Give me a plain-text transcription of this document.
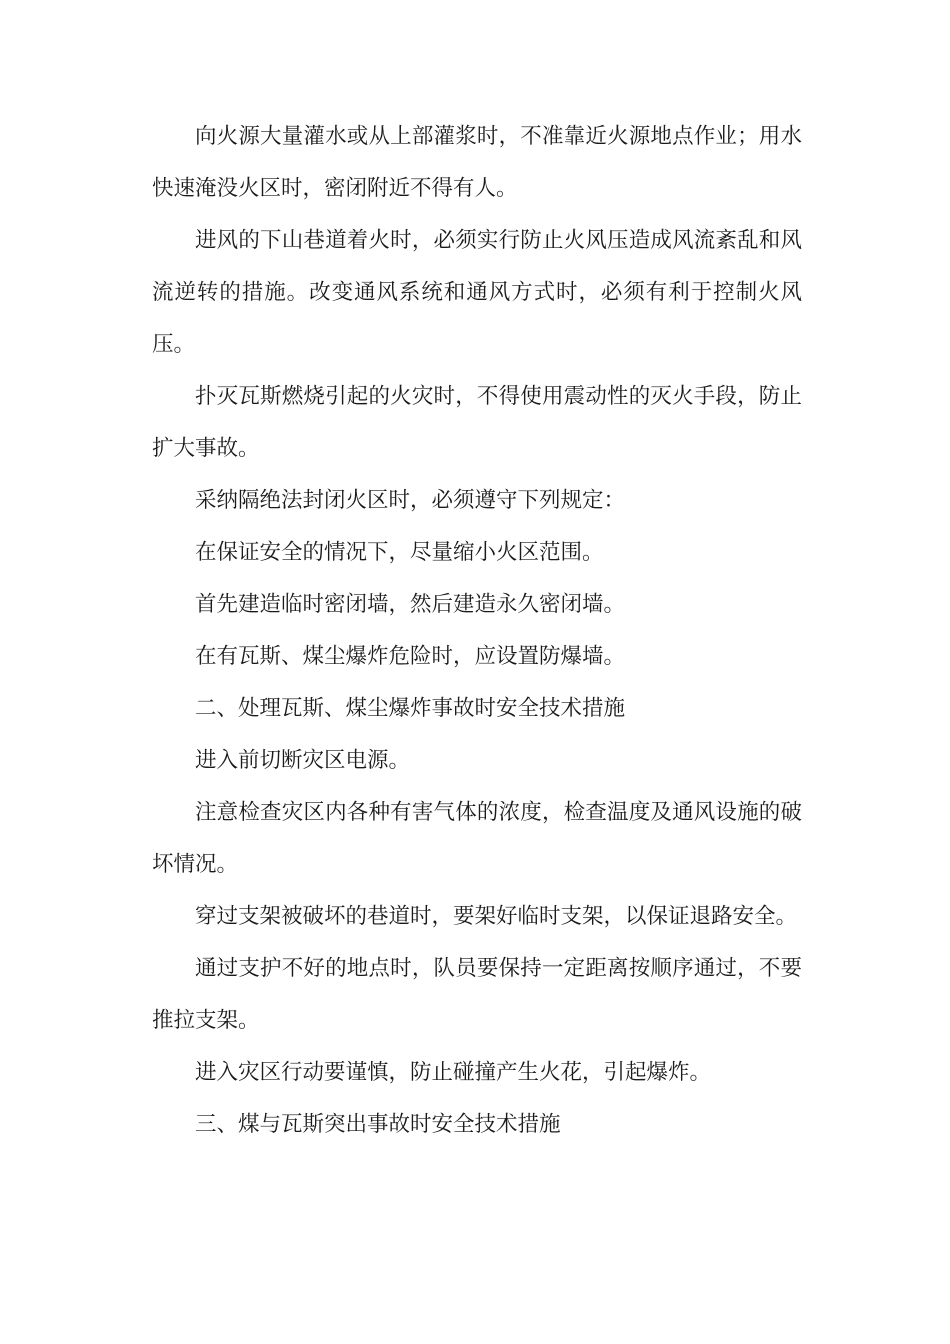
向火源大量灌水或从上部灌浆时，不准靠近火源地点作业；用水快速淹没火区时，密闭附近不得有人。

进风的下山巷道着火时，必须实行防止火风压造成风流紊乱和风流逆转的措施。改变通风系统和通风方式时，必须有利于控制火风压。

扑灭瓦斯燃烧引起的火灾时，不得使用震动性的灭火手段，防止扩大事故。

采纳隔绝法封闭火区时，必须遵守下列规定：

在保证安全的情况下，尽量缩小火区范围。

首先建造临时密闭墙，然后建造永久密闭墙。

在有瓦斯、煤尘爆炸危险时，应设置防爆墙。

二、处理瓦斯、煤尘爆炸事故时安全技术措施

进入前切断灾区电源。

注意检查灾区内各种有害气体的浓度，检查温度及通风设施的破坏情况。

穿过支架被破坏的巷道时，要架好临时支架，以保证退路安全。

通过支护不好的地点时，队员要保持一定距离按顺序通过，不要推拉支架。

进入灾区行动要谨慎，防止碰撞产生火花，引起爆炸。

三、煤与瓦斯突出事故时安全技术措施
